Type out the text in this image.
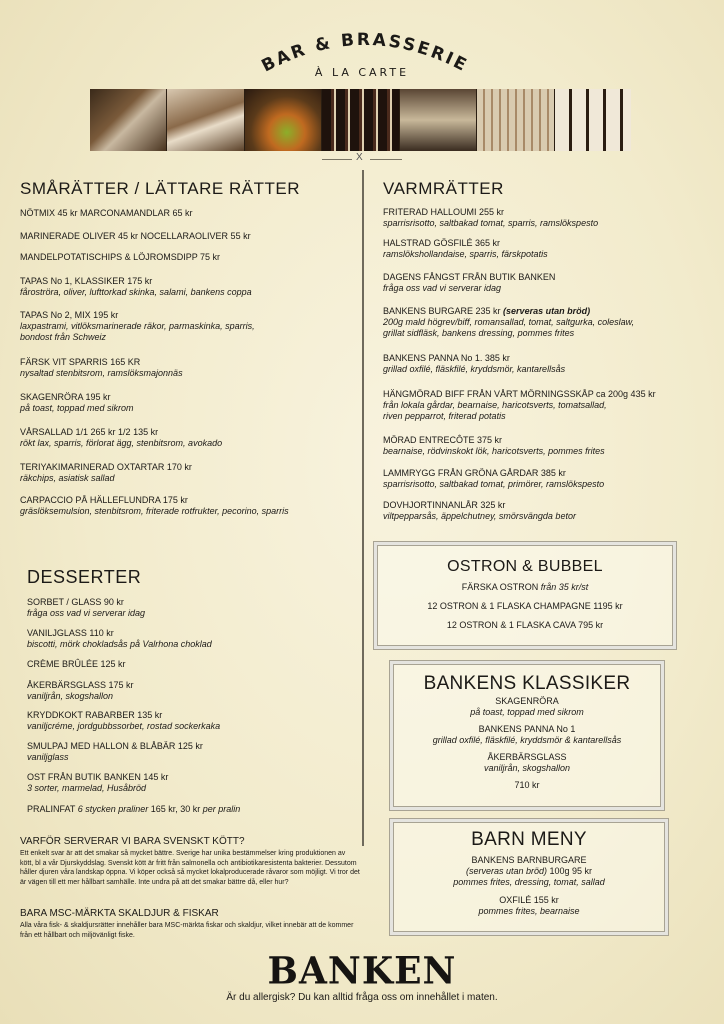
BAR & BRASSERIE
À LA CARTE
X
SMÅRÄTTER / LÄTTARE RÄTTER
NÖTMIX 45 kr MARCONAMANDLAR 65 kr
MARINERADE OLIVER 45 kr NOCELLARAOLIVER 55 kr
MANDELPOTATISCHIPS & LÖJROMSDIPP 75 kr
TAPAS No 1, KLASSIKER 175 kr
fåroströra, oliver, lufttorkad skinka, salami, bankens coppa
TAPAS No 2, MIX 195 kr
laxpastrami, vitlöksmarinerade räkor, parmaskinka, sparris,
bondost från Schweiz
FÄRSK VIT SPARRIS 165 KR
nysaltad stenbitsrom, ramslöksmajonnäs
SKAGENRÖRA 195 kr
på toast, toppad med sikrom
VÅRSALLAD 1/1 265 kr 1/2 135 kr
rökt lax, sparris, förlorat ägg, stenbitsrom, avokado
TERIYAKIMARINERAD OXTARTAR 170 kr
räkchips, asiatisk sallad
CARPACCIO PÅ HÄLLEFLUNDRA 175 kr
gräslöksemulsion, stenbitsrom, friterade rotfrukter, pecorino, sparris
VARMRÄTTER
FRITERAD HALLOUMI 255 kr
sparrisrisotto, saltbakad tomat, sparris, ramslökspesto
HALSTRAD GÖSFILÉ 365 kr
ramslökshollandaise, sparris, färskpotatis
DAGENS FÅNGST FRÅN BUTIK BANKEN
fråga oss vad vi serverar idag
BANKENS BURGARE 235 kr (serveras utan bröd)
200g mald högrev/biff, romansallad, tomat, saltgurka, coleslaw,
grillat sidfläsk, bankens dressing, pommes frites
BANKENS PANNA No 1. 385 kr
grillad oxfilé, fläskfilé, kryddsmör, kantarellsås
HÄNGMÖRAD BIFF FRÅN VÅRT MÖRNINGSSKÅP ca 200g 435 kr
från lokala gårdar, bearnaise, haricotsverts, tomatsallad,
riven pepparrot, friterad potatis
MÖRAD ENTRECÔTE 375 kr
bearnaise, rödvinskokt lök, haricotsverts, pommes frites
LAMMRYGG FRÅN GRÖNA GÅRDAR 385 kr
sparrisrisotto, saltbakad tomat, primörer, ramslökspesto
DOVHJORTINNANLÅR 325 kr
viltpepparsås, äppelchutney, smörsvängda betor
DESSERTER
SORBET / GLASS 90 kr
fråga oss vad vi serverar idag
VANILJGLASS 110 kr
biscotti, mörk chokladsås på Valrhona choklad
CRÈME BRÛLÉE 125 kr
ÅKERBÄRSGLASS 175 kr
vaniljrån, skogshallon
KRYDDKOKT RABARBER 135 kr
vaniljcréme, jordgubbssorbet, rostad sockerkaka
SMULPAJ MED HALLON & BLÅBÄR 125 kr
vaniljglass
OST FRÅN BUTIK BANKEN 145 kr
3 sorter, marmelad, Husåbröd
PRALINFAT 6 stycken praliner 165 kr, 30 kr per pralin
OSTRON & BUBBEL
FÄRSKA OSTRON från 35 kr/st
12 OSTRON & 1 FLASKA CHAMPAGNE 1195 kr
12 OSTRON & 1 FLASKA CAVA 795 kr
BANKENS KLASSIKER
SKAGENRÖRA
på toast, toppad med sikrom
BANKENS PANNA No 1
grillad oxfilé, fläskfilé, kryddsmör & kantarellsås
ÅKERBÄRSGLASS
vaniljrån, skogshallon
710 kr
BARN MENY
BANKENS BARNBURGARE
(serveras utan bröd) 100g 95 kr
pommes frites, dressing, tomat, sallad
OXFILÉ 155 kr
pommes frites, bearnaise
VARFÖR SERVERAR VI BARA SVENSKT KÖTT?
Ett enkelt svar är att det smakar så mycket bättre. Sverige har unika bestämmelser kring produktionen av kött, bl a vår Djurskyddslag. Svenskt kött är fritt från salmonella och antibiotikaresistenta bakterier. Dessutom håller djuren våra landskap öppna. Vi köper också så mycket lokalproducerade råvaror som möjligt. Vi tror det är vägen till ett mer hållbart samhälle. Inte undra på att det smakar bättre då, eller hur?
BARA MSC-MÄRKTA SKALDJUR & FISKAR
Alla våra fisk- & skaldjursrätter innehåller bara MSC-märkta fiskar och skaldjur, vilket innebär att de kommer från ett hållbart och miljövänligt fiske.
BANKEN
Är du allergisk? Du kan alltid fråga oss om innehållet i maten.
